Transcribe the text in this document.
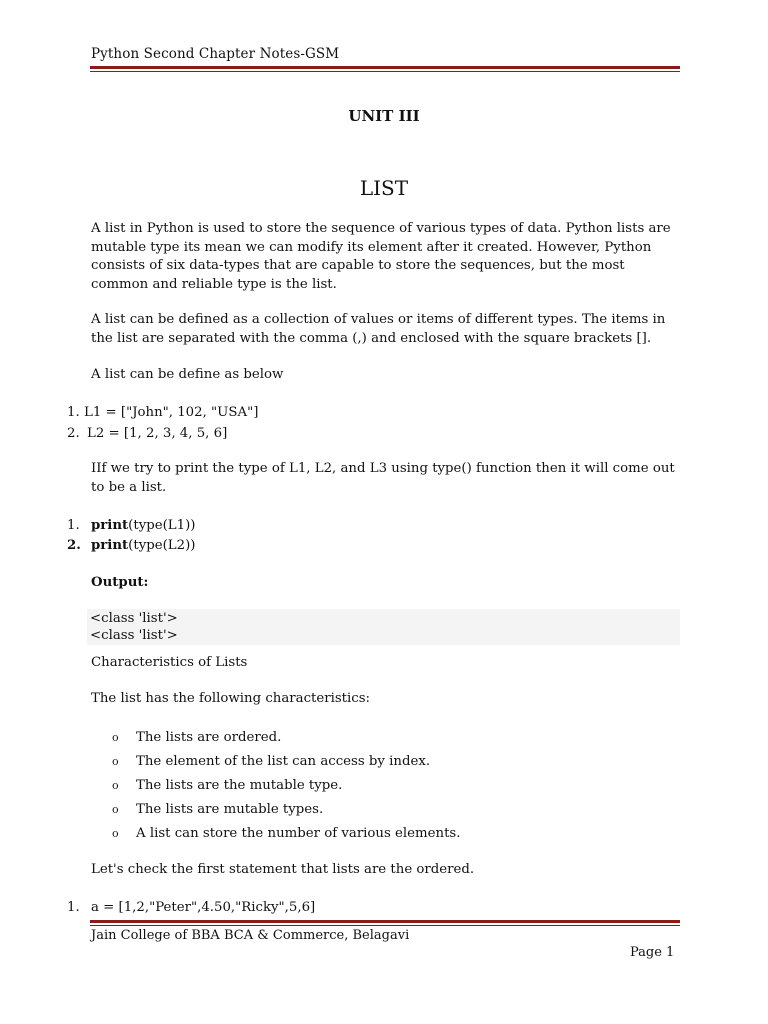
Python Second Chapter Notes-GSM
UNIT III
LIST
A list in Python is used to store the sequence of various types of data. Python lists are mutable type its mean we can modify its element after it created. However, Python consists of six data-types that are capable to store the sequences, but the most common and reliable type is the list.
A list can be defined as a collection of values or items of different types. The items in the list are separated with the comma (,) and enclosed with the square brackets [].
A list can be define as below
1. L1 = ["John", 102, "USA"]
2. L2 = [1, 2, 3, 4, 5, 6]
IIf we try to print the type of L1, L2, and L3 using type() function then it will come out to be a list.
1. print(type(L1))
2. print(type(L2))
Output:
<class 'list'>
<class 'list'>
Characteristics of Lists
The list has the following characteristics:
o The lists are ordered.
o The element of the list can access by index.
o The lists are the mutable type.
o The lists are mutable types.
o A list can store the number of various elements.
Let's check the first statement that lists are the ordered.
1. a = [1,2,"Peter",4.50,"Ricky",5,6]
Jain College of BBA BCA & Commerce, Belagavi
Page 1
